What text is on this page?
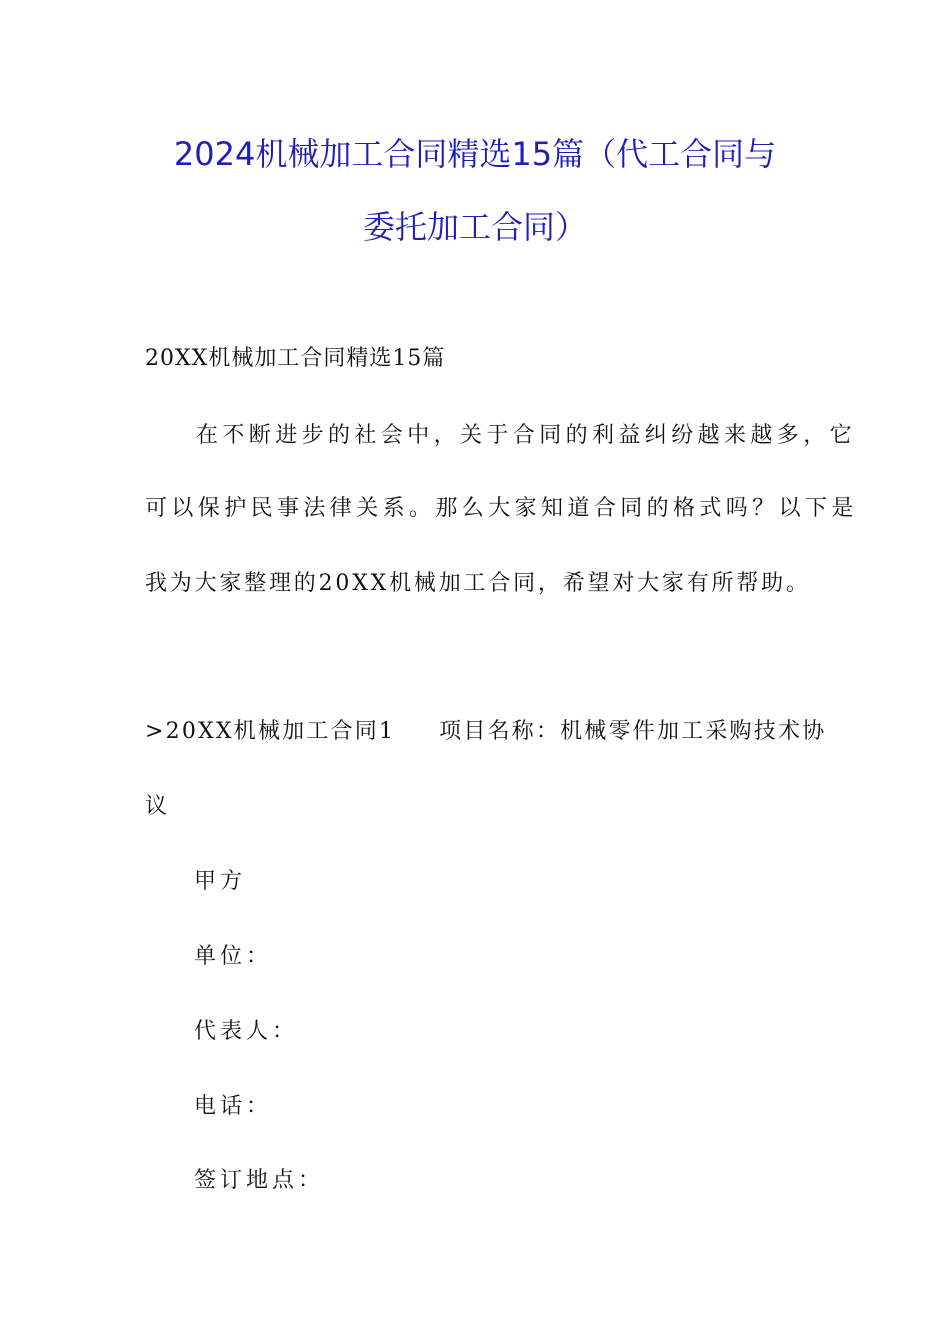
2024机械加工合同精选15篇（代工合同与
委托加工合同）
20XX机械加工合同精选15篇
在不断进步的社会中，关于合同的利益纠纷越来越多，它
可以保护民事法律关系。那么大家知道合同的格式吗？以下是
我为大家整理的20XX机械加工合同，希望对大家有所帮助。
>20XX机械加工合同1 项目名称：机械零件加工采购技术协
议
甲方
单位：
代表人：
电话：
签订地点：
